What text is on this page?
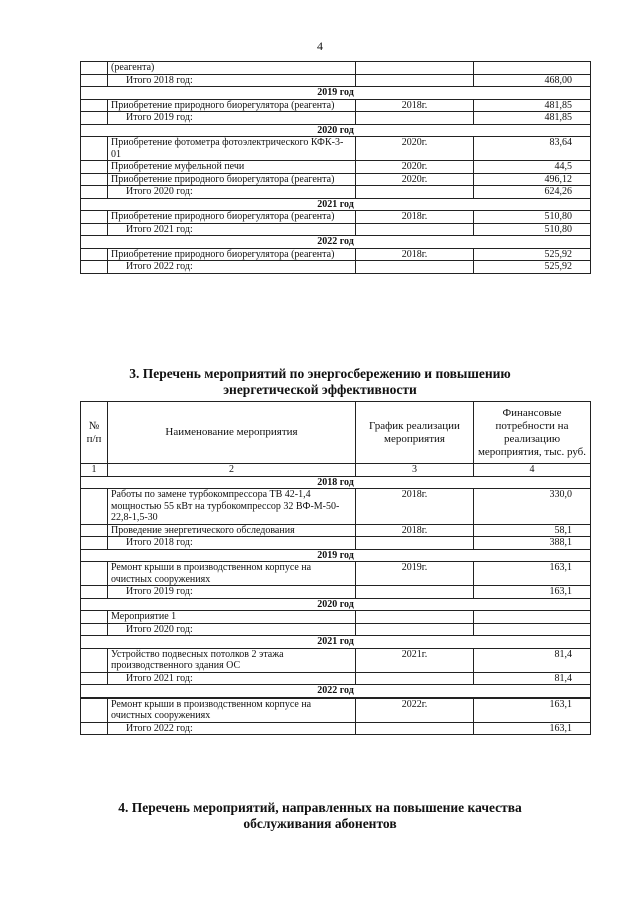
4
	(реагента)		
	Итого 2018 год:		468,00
2019 год			
	Приобретение природного биорегулятора (реагента)	2018г.	481,85
	Итого 2019 год:		481,85
2020 год			
	Приобретение фотометра фотоэлектрического КФК-3-01	2020г.	83,64
	Приобретение муфельной печи	2020г.	44,5
	Приобретение природного биорегулятора (реагента)	2020г.	496,12
	Итого 2020 год:		624,26
2021 год			
	Приобретение природного биорегулятора (реагента)	2018г.	510,80
	Итого 2021 год:		510,80
2022 год			
	Приобретение природного биорегулятора (реагента)	2018г.	525,92
	Итого 2022 год:		525,92
3. Перечень мероприятий по энергосбережению и повышению
энергетической эффективности
№ п/п	Наименование мероприятия	График реализации мероприятия	Финансовые потребности на реализацию мероприятия, тыс. руб.
1	2	3	4
2018 год			
	Работы по замене турбокомпрессора ТВ 42-1,4 мощностью 55 кВт на турбокомпрессор 32 ВФ-М-50-22,8-1,5-30	2018г.	330,0
	Проведение энергетического обследования	2018г.	58,1
	Итого 2018 год:		388,1
2019 год			
	Ремонт крыши в производственном корпусе на очистных сооружениях	2019г.	163,1
	Итого 2019 год:		163,1
2020 год			
	Мероприятие 1		
	Итого 2020 год:		
2021 год			
	Устройство подвесных потолков 2 этажа производственного здания ОС	2021г.	81,4
	Итого 2021 год:		81,4
2022 год			

	Ремонт крыши в производственном корпусе на очистных сооружениях	2022г.	163,1
	Итого 2022 год:		163,1
4. Перечень мероприятий, направленных на повышение качества
обслуживания абонентов
